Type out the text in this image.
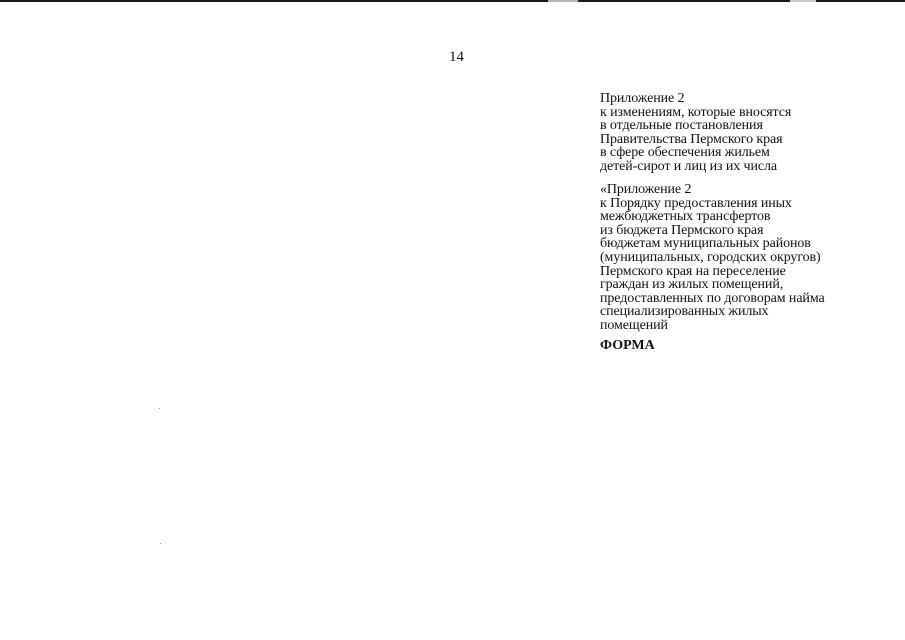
14
Приложение 2
к изменениям, которые вносятся
в отдельные постановления
Правительства Пермского края
в сфере обеспечения жильем
детей-сирот и лиц из их числа
«Приложение 2
к Порядку предоставления иных
межбюджетных трансфертов
из бюджета Пермского края
бюджетам муниципальных районов
(муниципальных, городских округов)
Пермского края на переселение
граждан из жилых помещений,
предоставленных по договорам найма
специализированных жилых
помещений
ФОРМА
